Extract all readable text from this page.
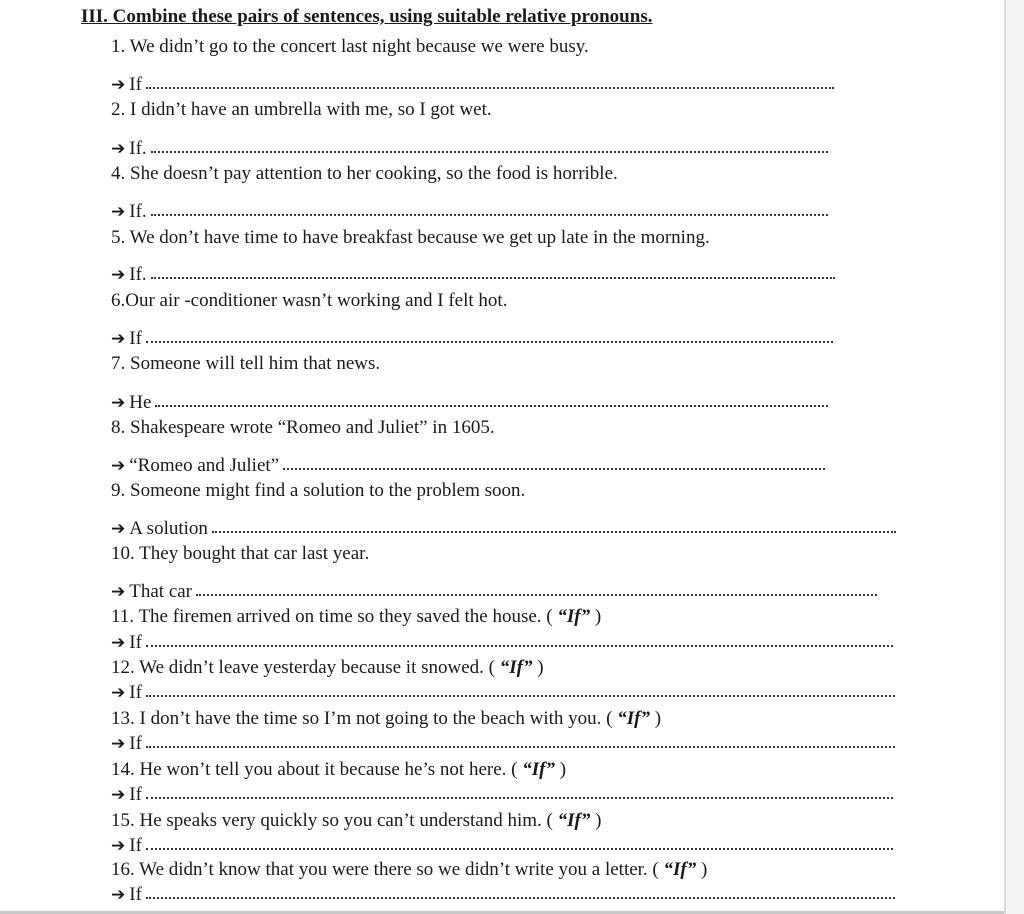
III. Combine these pairs of sentences, using suitable relative pronouns.

1. We didn’t go to the concert last night because we were busy.

➔ If

2. I didn’t have an umbrella with me, so I got wet.

➔ If.

4. She doesn’t pay attention to her cooking, so the food is horrible.

➔ If.

5. We don’t have time to have breakfast because we get up late in the morning.

➔ If.

6.Our air -conditioner wasn’t working and I felt hot.

➔ If

7. Someone will tell him that news.

➔ He

8. Shakespeare wrote “Romeo and Juliet” in 1605.

➔ “Romeo and Juliet”

9. Someone might find a solution to the problem soon.

➔ A solution

10. They bought that car last year.

➔ That car

11. The firemen arrived on time so they saved the house. ( “If” )

➔ If

12. We didn’t leave yesterday because it snowed. ( “If” )

➔ If

13. I don’t have the time so I’m not going to the beach with you. ( “If” )

➔ If

14. He won’t tell you about it because he’s not here. ( “If” )

➔ If

15. He speaks very quickly so you can’t understand him. ( “If” )

➔ If

16. We didn’t know that you were there so we didn’t write you a letter. ( “If” )

➔ If
